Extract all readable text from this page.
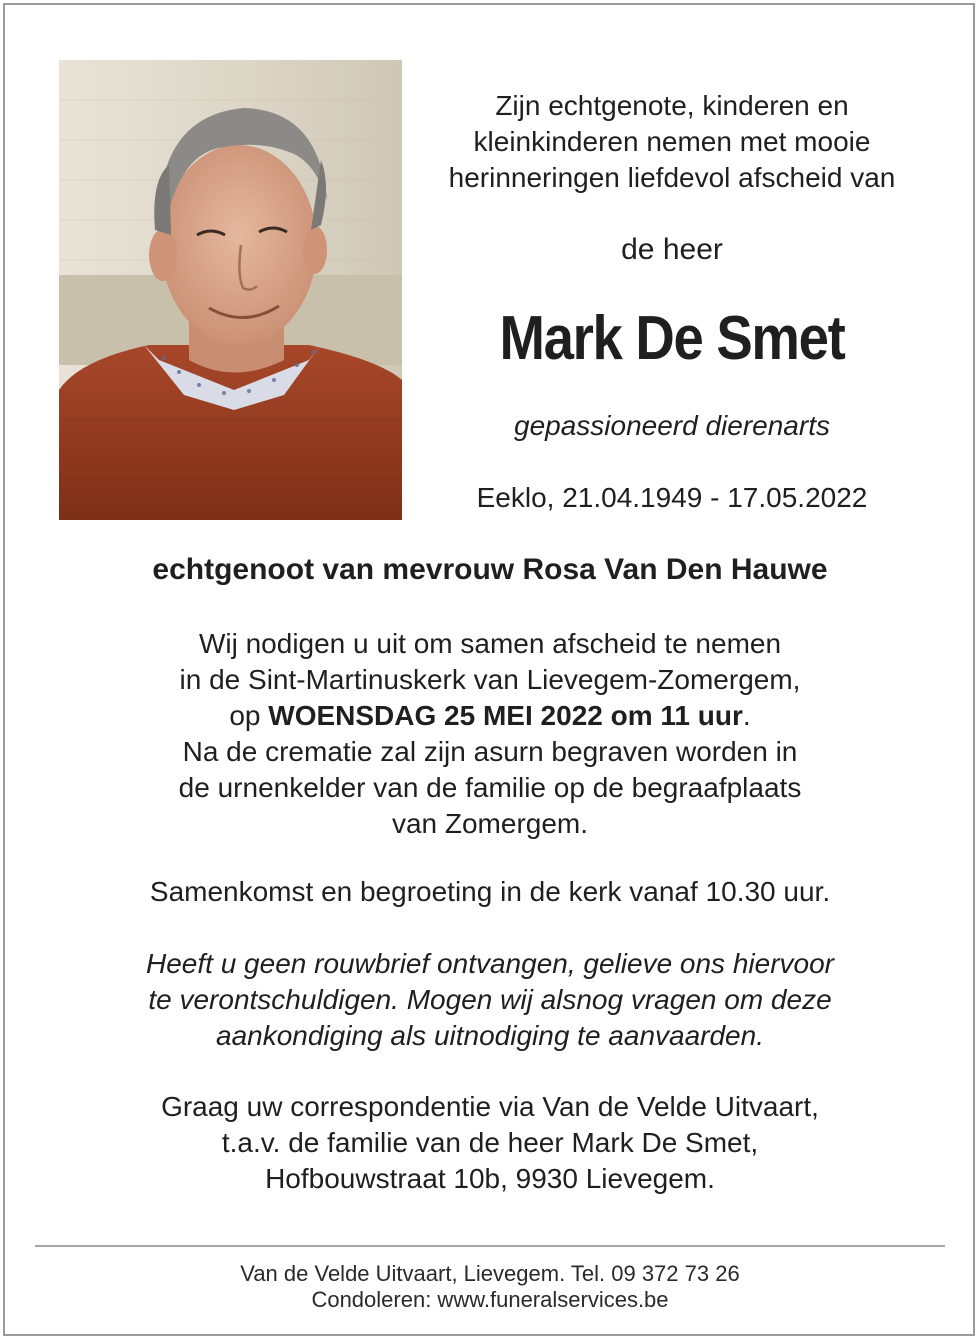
Zijn echtgenote, kinderen en
kleinkinderen nemen met mooie
herinneringen liefdevol afscheid van

de heer

Mark De Smet

gepassioneerd dierenarts

Eeklo, 21.04.1949 - 17.05.2022

echtgenoot van mevrouw Rosa Van Den Hauwe

Wij nodigen u uit om samen afscheid te nemen
in de Sint-Martinuskerk van Lievegem-Zomergem,
op WOENSDAG 25 MEI 2022 om 11 uur.
Na de crematie zal zijn asurn begraven worden in
de urnenkelder van de familie op de begraafplaats
van Zomergem.

Samenkomst en begroeting in de kerk vanaf 10.30 uur.

Heeft u geen rouwbrief ontvangen, gelieve ons hiervoor
te verontschuldigen. Mogen wij alsnog vragen om deze
aankondiging als uitnodiging te aanvaarden.

Graag uw correspondentie via Van de Velde Uitvaart,
t.a.v. de familie van de heer Mark De Smet,
Hofbouwstraat 10b, 9930 Lievegem.

Van de Velde Uitvaart, Lievegem. Tel. 09 372 73 26
Condoleren: www.funeralservices.be
